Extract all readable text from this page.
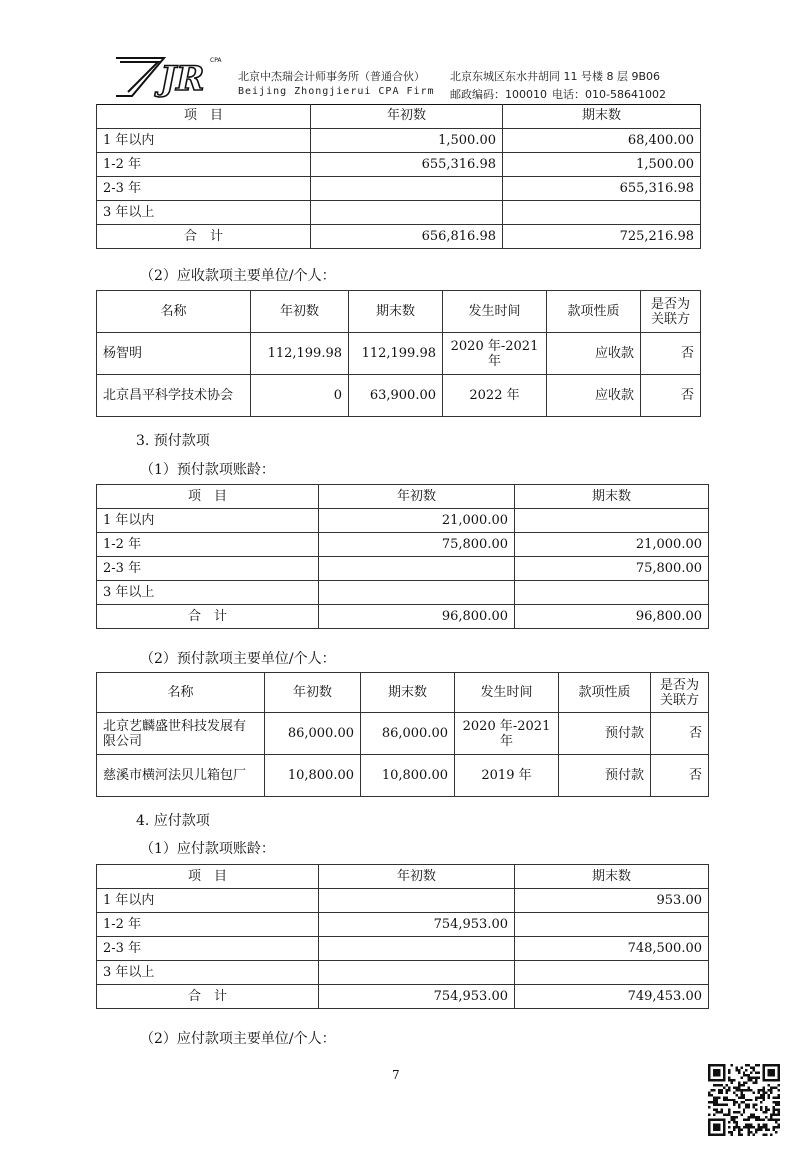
JR CPA
北京中杰瑞会计师事务所（普通合伙）
Beijing Zhongjierui CPA Firm
北京东城区东水井胡同 11 号楼 8 层 9B06
邮政编码：100010 电话：010-58641002
项　目	年初数	期末数
1 年以内	1,500.00	68,400.00
1-2 年	655,316.98	1,500.00
2-3 年		655,316.98
3 年以上		
合　计	656,816.98	725,216.98
（2）应收款项主要单位/个人：
名称	年初数	期末数	发生时间	款项性质	是否为关联方
杨智明	112,199.98	112,199.98	2020 年-2021 年	应收款	否
北京昌平科学技术协会	0	63,900.00	2022 年	应收款	否
3. 预付款项
（1）预付款项账龄：
项　目	年初数	期末数
1 年以内	21,000.00	
1-2 年	75,800.00	21,000.00
2-3 年		75,800.00
3 年以上		
合　计	96,800.00	96,800.00
（2）预付款项主要单位/个人：
名称	年初数	期末数	发生时间	款项性质	是否为关联方
北京艺麟盛世科技发展有限公司	86,000.00	86,000.00	2020 年-2021 年	预付款	否
慈溪市横河法贝儿箱包厂	10,800.00	10,800.00	2019 年	预付款	否
4. 应付款项
（1）应付款项账龄：
项　目	年初数	期末数
1 年以内		953.00
1-2 年	754,953.00	
2-3 年		748,500.00
3 年以上		
合　计	754,953.00	749,453.00
（2）应付款项主要单位/个人：
7
